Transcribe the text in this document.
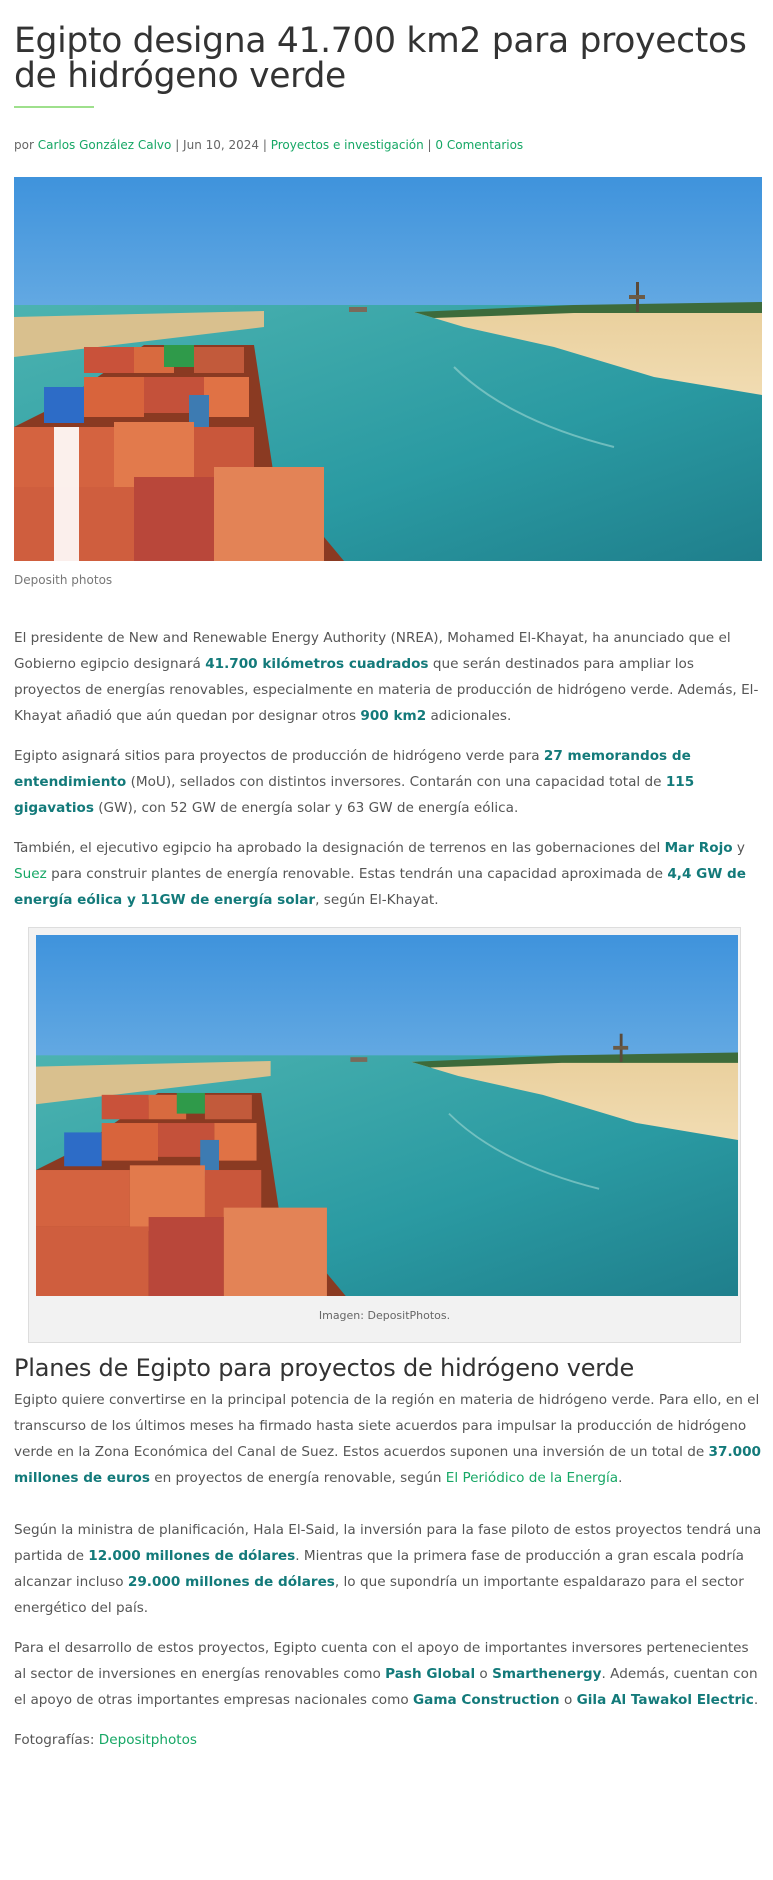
Egipto designa 41.700 km2 para proyectos de hidrógeno verde
por Carlos González Calvo | Jun 10, 2024 | Proyectos e investigación | 0 Comentarios
Deposith photos

El presidente de New and Renewable Energy Authority (NREA), Mohamed El-Khayat, ha anunciado que el Gobierno egipcio designará 41.700 kilómetros cuadrados que serán destinados para ampliar los proyectos de energías renovables, especialmente en materia de producción de hidrógeno verde. Además, El-Khayat añadió que aún quedan por designar otros 900 km2 adicionales.

Egipto asignará sitios para proyectos de producción de hidrógeno verde para 27 memorandos de entendimiento (MoU), sellados con distintos inversores. Contarán con una capacidad total de 115 gigavatios (GW), con 52 GW de energía solar y 63 GW de energía eólica.

También, el ejecutivo egipcio ha aprobado la designación de terrenos en las gobernaciones del Mar Rojo y Suez para construir plantes de energía renovable. Estas tendrán una capacidad aproximada de 4,4 GW de energía eólica y 11GW de energía solar, según El-Khayat.

Imagen: DepositPhotos.
Planes de Egipto para proyectos de hidrógeno verde

Egipto quiere convertirse en la principal potencia de la región en materia de hidrógeno verde. Para ello, en el transcurso de los últimos meses ha firmado hasta siete acuerdos para impulsar la producción de hidrógeno verde en la Zona Económica del Canal de Suez. Estos acuerdos suponen una inversión de un total de 37.000 millones de euros en proyectos de energía renovable, según El Periódico de la Energía.

Según la ministra de planificación, Hala El-Said, la inversión para la fase piloto de estos proyectos tendrá una partida de 12.000 millones de dólares. Mientras que la primera fase de producción a gran escala podría alcanzar incluso 29.000 millones de dólares, lo que supondría un importante espaldarazo para el sector energético del país.

Para el desarrollo de estos proyectos, Egipto cuenta con el apoyo de importantes inversores pertenecientes al sector de inversiones en energías renovables como Pash Global o Smarthenergy. Además, cuentan con el apoyo de otras importantes empresas nacionales como Gama Construction o Gila Al Tawakol Electric.

Fotografías: Depositphotos
